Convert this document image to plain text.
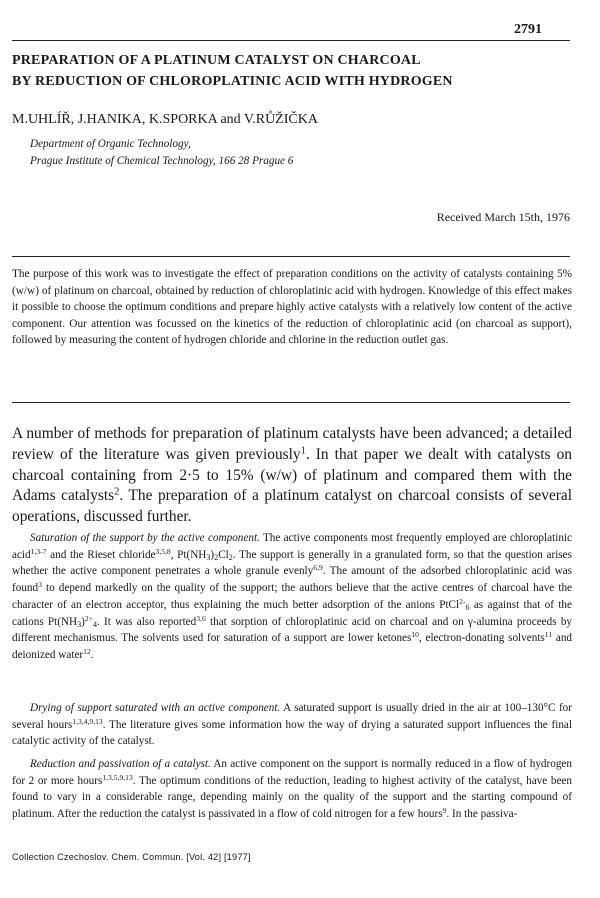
2791
PREPARATION OF A PLATINUM CATALYST ON CHARCOAL
BY REDUCTION OF CHLOROPLATINIC ACID WITH HYDROGEN
M.UHLÍŘ, J.HANIKA, K.SPORKA and V.RŮŽIČKA
Department of Organic Technology,
Prague Institute of Chemical Technology, 166 28 Prague 6
Received March 15th, 1976
The purpose of this work was to investigate the effect of preparation conditions on the activity of catalysts containing 5% (w/w) of platinum on charcoal, obtained by reduction of chloroplatinic acid with hydrogen. Knowledge of this effect makes it possible to choose the optimum conditions and prepare highly active catalysts with a relatively low content of the active component. Our attention was focussed on the kinetics of the reduction of chloroplatinic acid (on charcoal as support), followed by measuring the content of hydrogen chloride and chlorine in the reduction outlet gas.
A number of methods for preparation of platinum catalysts have been advanced; a detailed review of the literature was given previously$^1$. In that paper we dealt with catalysts on charcoal containing from 2·5 to 15% (w/w) of platinum and compared them with the Adams catalysts$^2$. The preparation of a platinum catalyst on charcoal consists of several operations, discussed further.
Saturation of the support by the active component. The active components most frequently employed are chloroplatinic acid$^{1,3-7}$ and the Rieset chloride$^{3,5,8}$, $Pt(NH_3)_2Cl_2$. The support is generally in a granulated form, so that the question arises whether the active component penetrates a whole granule evenly$^{6,9}$. The amount of the adsorbed chloroplatinic acid was found$^3$ to depend markedly on the quality of the support; the authors believe that the active centres of charcoal have the character of an electron acceptor, thus explaining the much better adsorption of the anions PtCl$^{2-}_6$ as against that of the cations $Pt(NH_3)^{2+}_4$. It was also reported$^{3,6}$ that sorption of chloroplatinic acid on charcoal and on γ-alumina proceeds by different mechanismus. The solvents used for saturation of a support are lower ketones$^{10}$, electron-donating solvents$^{11}$ and deionized water$^{12}$.
Drying of support saturated with an active component. A saturated support is usually dried in the air at 100–130°C for several hours$^{1,3,4,9,13}$. The literature gives some information how the way of drying a saturated support influences the final catalytic activity of the catalyst.
Reduction and passivation of a catalyst. An active component on the support is normally reduced in a flow of hydrogen for 2 or more hours$^{1,3,5,9,13}$. The optimum conditions of the reduction, leading to highest activity of the catalyst, have been found to vary in a considerable range, depending mainly on the quality of the support and the starting compound of platinum. After the reduction the catalyst is passivated in a flow of cold nitrogen for a few hours$^9$. In the passiva-
Collection Czechoslov. Chem. Commun. [Vol. 42] [1977]
